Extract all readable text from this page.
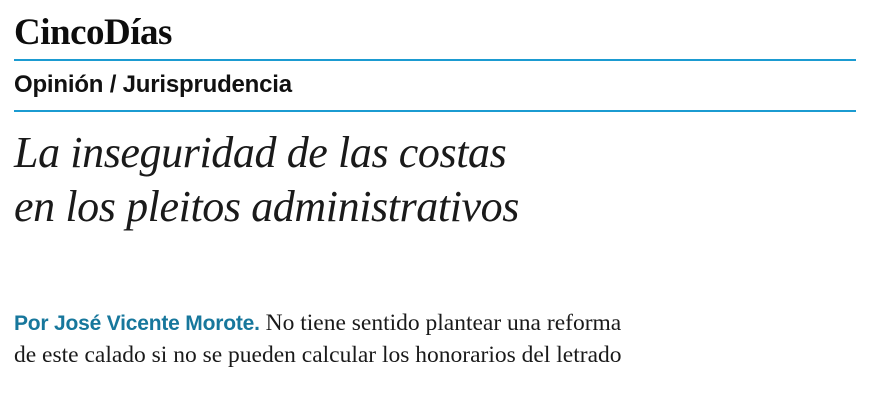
CincoDías
Opinión / Jurisprudencia
La inseguridad de las costas
en los pleitos administrativos
Por José Vicente Morote. No tiene sentido plantear una reforma
de este calado si no se pueden calcular los honorarios del letrado
